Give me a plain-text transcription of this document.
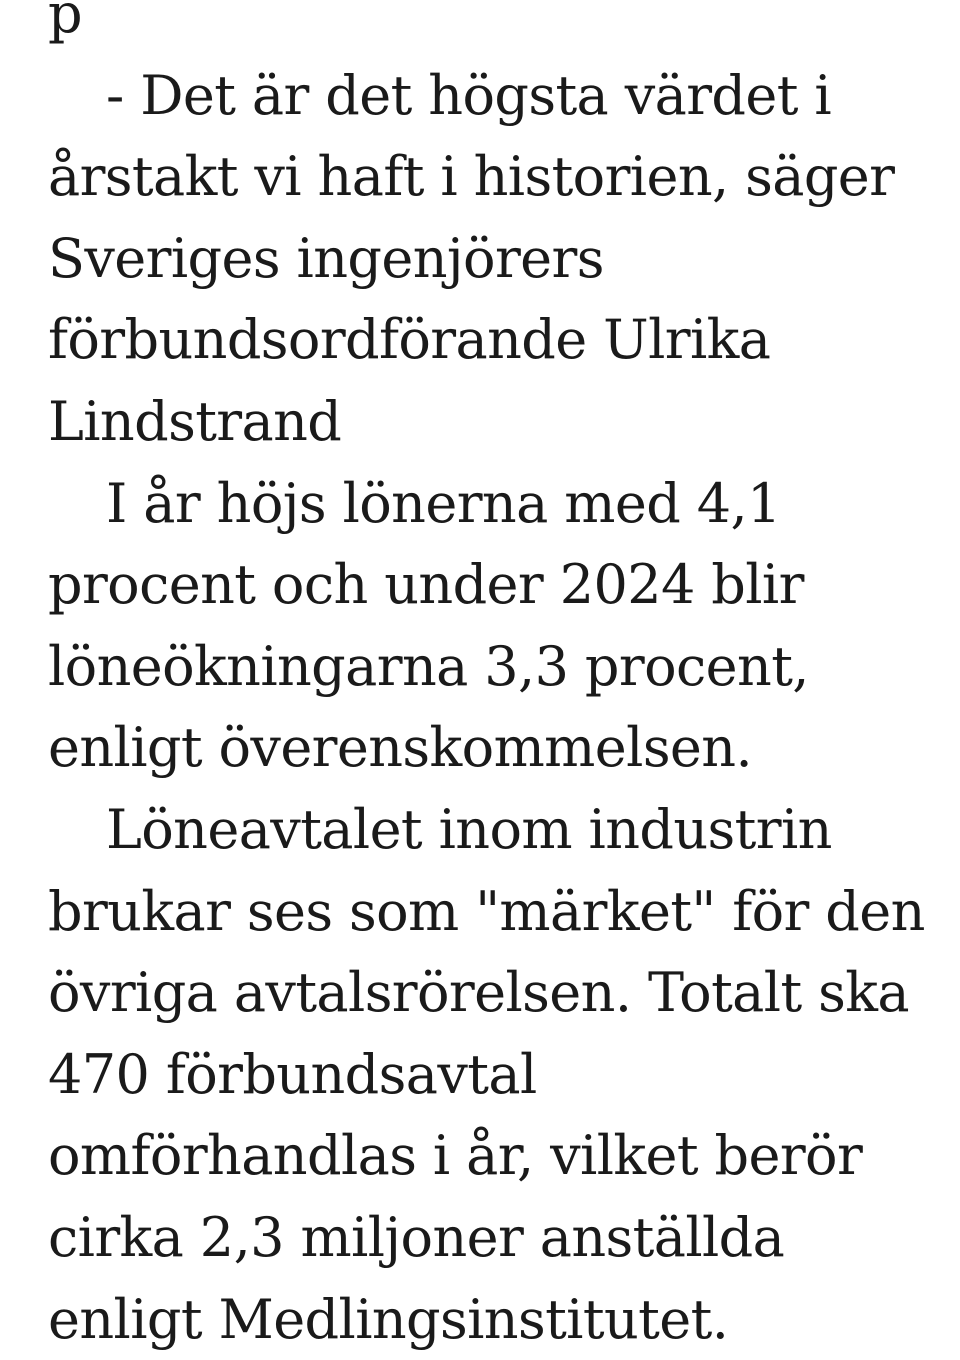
p
- Det är det högsta värdet i
årstakt vi haft i historien, säger
Sveriges ingenjörers
förbundsordförande Ulrika
Lindstrand
I år höjs lönerna med 4,1
procent och under 2024 blir
löneökningarna 3,3 procent,
enligt överenskommelsen.
Löneavtalet inom industrin
brukar ses som "märket" för den
övriga avtalsrörelsen. Totalt ska
470 förbundsavtal
omförhandlas i år, vilket berör
cirka 2,3 miljoner anställda
enligt Medlingsinstitutet.
